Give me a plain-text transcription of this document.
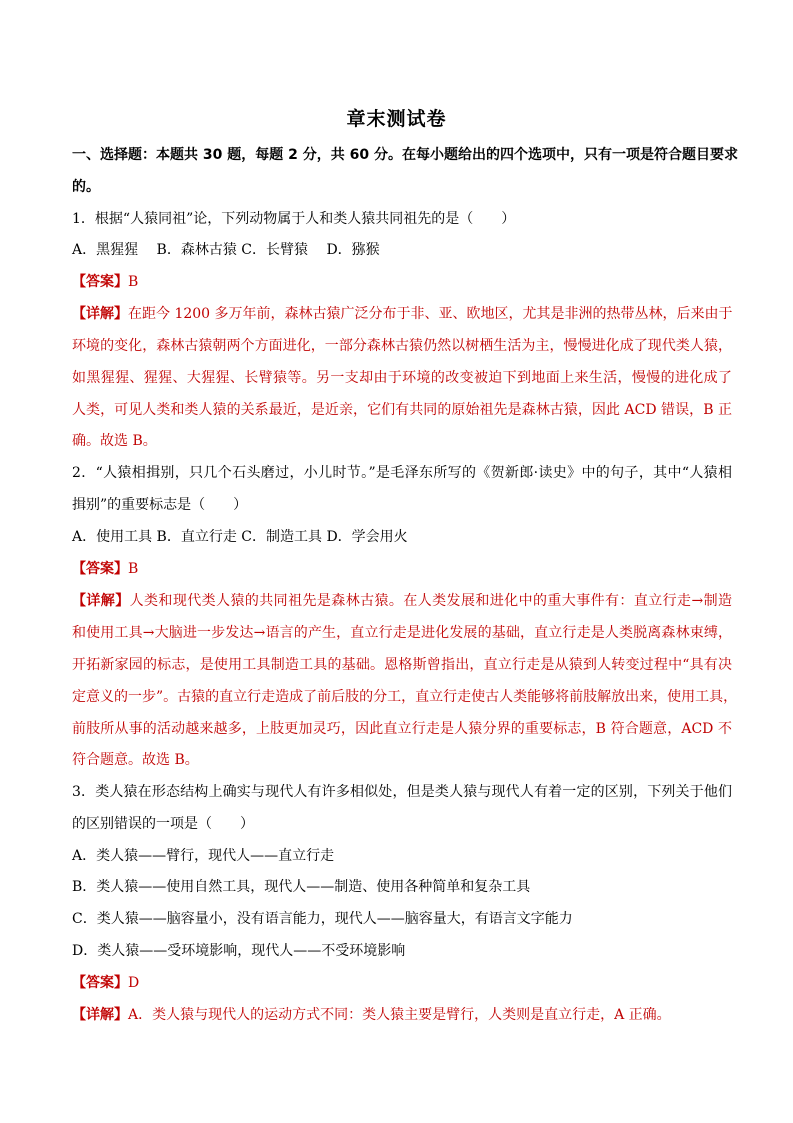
章末测试卷
一、选择题：本题共 30 题，每题 2 分，共 60 分。在每小题给出的四个选项中，只有一项是符合题目要求
的。
1．根据“人猿同祖”论，下列动物属于人和类人猿共同祖先的是（　　）
A．黑猩猩　 B．森林古猿 C．长臂猿　 D．猕猴
【答案】B
【详解】在距今 1200 多万年前，森林古猿广泛分布于非、亚、欧地区，尤其是非洲的热带丛林，后来由于
环境的变化，森林古猿朝两个方面进化，一部分森林古猿仍然以树栖生活为主，慢慢进化成了现代类人猿，
如黑猩猩、猩猩、大猩猩、长臂猿等。另一支却由于环境的改变被迫下到地面上来生活，慢慢的进化成了
人类，可见人类和类人猿的关系最近，是近亲，它们有共同的原始祖先是森林古猿，因此 ACD 错误，B 正
确。故选 B。
2．“人猿相揖别，只几个石头磨过，小儿时节。”是毛泽东所写的《贺新郎·读史》中的句子，其中“人猿相
揖别”的重要标志是（　　）
A．使用工具 B．直立行走 C．制造工具 D．学会用火
【答案】B
【详解】人类和现代类人猿的共同祖先是森林古猿。在人类发展和进化中的重大事件有：直立行走→制造
和使用工具→大脑进一步发达→语言的产生，直立行走是进化发展的基础，直立行走是人类脱离森林束缚，
开拓新家园的标志，是使用工具制造工具的基础。恩格斯曾指出，直立行走是从猿到人转变过程中“具有决
定意义的一步”。古猿的直立行走造成了前后肢的分工，直立行走使古人类能够将前肢解放出来，使用工具，
前肢所从事的活动越来越多，上肢更加灵巧，因此直立行走是人猿分界的重要标志，B 符合题意，ACD 不
符合题意。故选 B。
3．类人猿在形态结构上确实与现代人有许多相似处，但是类人猿与现代人有着一定的区别，下列关于他们
的区别错误的一项是（　　）
A．类人猿——臂行，现代人——直立行走
B．类人猿——使用自然工具，现代人——制造、使用各种简单和复杂工具
C．类人猿——脑容量小，没有语言能力，现代人——脑容量大，有语言文字能力
D．类人猿——受环境影响，现代人——不受环境影响
【答案】D
【详解】A．类人猿与现代人的运动方式不同：类人猿主要是臂行，人类则是直立行走，A 正确。
